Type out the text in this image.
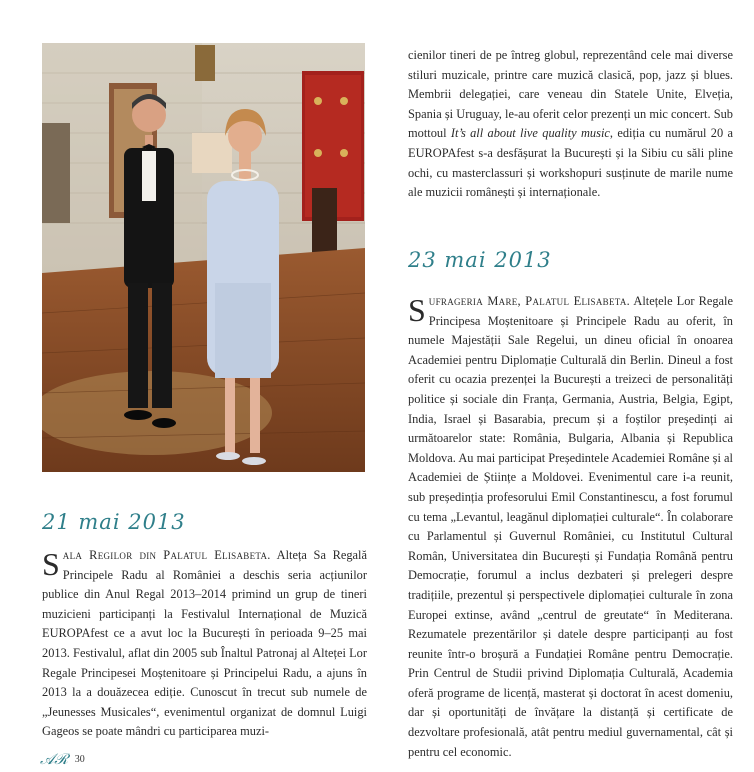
21 mai 2013

Sala Regilor din Palatul Elisabeta. Alteța Sa Regală Principele Radu al României a deschis seria acțiunilor publice din Anul Regal 2013–2014 primind un grup de tineri muzicieni participanți la Festivalul Internațional de Muzică EUROPAfest ce a avut loc la București în perioada 9–25 mai 2013. Festivalul, aflat din 2005 sub Înaltul Patronaj al Alteței Lor Regale Principesei Moștenitoare și Principelui Radu, a ajuns în 2013 la a douăzecea ediție. Cunoscut în trecut sub numele de „Jeunesses Musicales“, evenimentul organizat de domnul Luigi Gageos se poate mândri cu participarea muzi-

cienilor tineri de pe întreg globul, reprezentând cele mai diverse stiluri muzicale, printre care muzică clasică, pop, jazz și blues. Membrii delegației, care veneau din Statele Unite, Elveția, Spania și Uruguay, le-au oferit celor prezenți un mic concert. Sub mottoul It’s all about live quality music, ediția cu numărul 20 a EUROPAfest s-a desfășurat la București și la Sibiu cu săli pline ochi, cu masterclassuri și workshopuri susținute de marile nume ale muzicii românești și internaționale.

23 mai 2013

Sufrageria Mare, Palatul Elisabeta. Altețele Lor Regale Principesa Moștenitoare și Principele Radu au oferit, în numele Majestății Sale Regelui, un dineu oficial în onoarea Academiei pentru Diplomație Culturală din Berlin. Dineul a fost oferit cu ocazia prezenței la București a treizeci de personalități politice și sociale din Franța, Germania, Austria, Belgia, Egipt, India, Israel și Basarabia, precum și a foștilor președinți ai următoarelor state: România, Bulgaria, Albania și Republica Moldova. Au mai participat Președintele Academiei Române și al Academiei de Științe a Moldovei. Evenimentul care i-a reunit, sub președinția profesorului Emil Constantinescu, a fost forumul cu tema „Levantul, leagănul diplomației culturale“. În colaborare cu Parlamentul și Guvernul României, cu Institutul Cultural Român, Universitatea din București și Fundația Română pentru Democrație, forumul a inclus dezbateri și prelegeri despre tradițiile, prezentul și perspectivele diplomației culturale în zona Europei extinse, având „centrul de greutate“ în Mediterana. Rezumatele prezentărilor și datele despre participanți au fost reunite într-o broșură a Fundației Române pentru Democrație. Prin Centrul de Studii privind Diplomația Culturală, Academia oferă programe de licență, masterat și doctorat în acest domeniu, dar și oportunități de învățare la distanță și certificate de dezvoltare profesională, atât pentru mediul guvernamental, cât și pentru cel economic.

𝒜ℛ 30
